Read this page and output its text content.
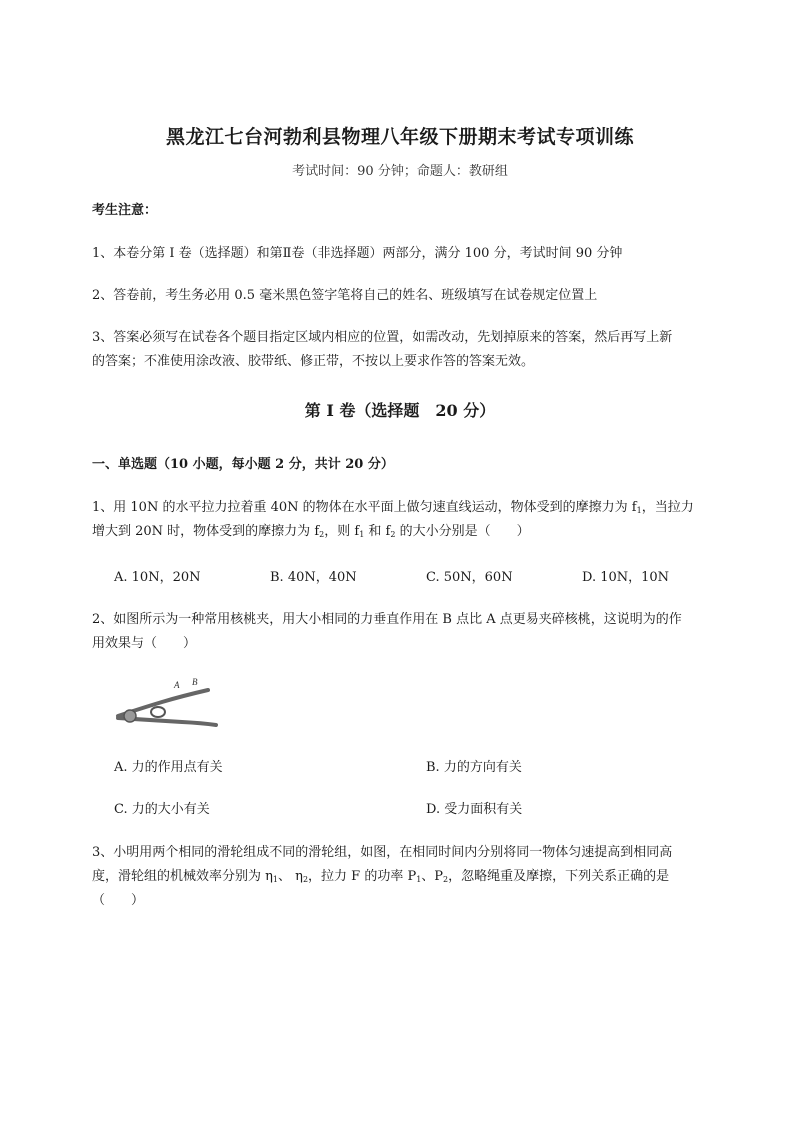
黑龙江七台河勃利县物理八年级下册期末考试专项训练
考试时间：90 分钟；命题人：教研组
考生注意：
1、本卷分第 I 卷（选择题）和第Ⅱ卷（非选择题）两部分，满分 100 分，考试时间 90 分钟
2、答卷前，考生务必用 0.5 毫米黑色签字笔将自己的姓名、班级填写在试卷规定位置上
3、答案必须写在试卷各个题目指定区域内相应的位置，如需改动，先划掉原来的答案，然后再写上新
的答案；不准使用涂改液、胶带纸、修正带，不按以上要求作答的答案无效。
第 I 卷（选择题　20 分）
一、单选题（10 小题，每小题 2 分，共计 20 分）
1、用 10N 的水平拉力拉着重 40N 的物体在水平面上做匀速直线运动，物体受到的摩擦力为 $f_1$，当拉力
增大到 20N 时，物体受到的摩擦力为 $f_2$，则 $f_1$ 和 $f_2$ 的大小分别是（　　）
A. 10N，20N	B. 40N，40N	C. 50N，60N	D. 10N，10N
2、如图所示为一种常用核桃夹，用大小相同的力垂直作用在 B 点比 A 点更易夹碎核桃，这说明为的作
用效果与（　　）
A B
A. 力的作用点有关	B. 力的方向有关
C. 力的大小有关	D. 受力面积有关
3、小明用两个相同的滑轮组成不同的滑轮组，如图，在相同时间内分别将同一物体匀速提高到相同高
度，滑轮组的机械效率分别为 $\eta_1$、 $\eta_2$，拉力 F 的功率 $P_1$、$P_2$，忽略绳重及摩擦，下列关系正确的是
（　　）
